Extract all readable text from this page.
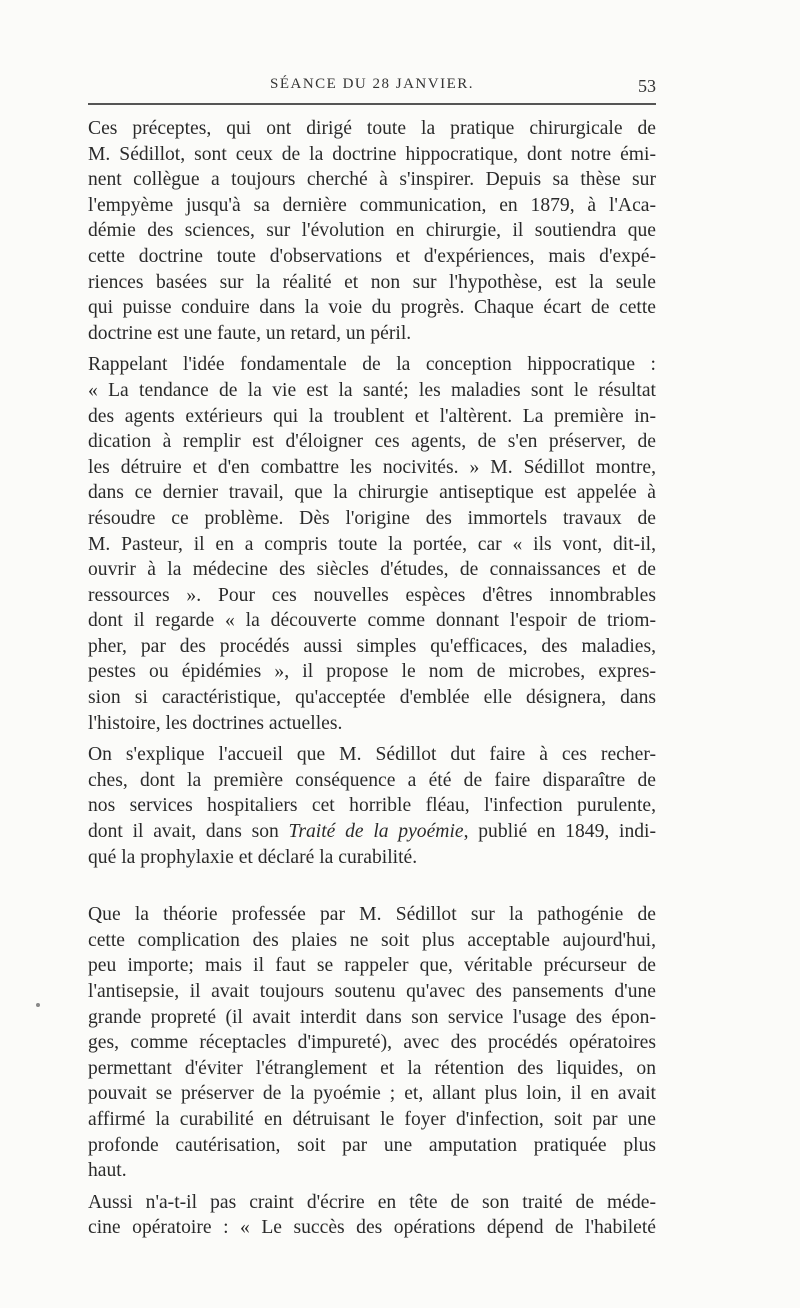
SÉANCE DU 28 JANVIER.	53
Ces préceptes, qui ont dirigé toute la pratique chirurgicale de
M. Sédillot, sont ceux de la doctrine hippocratique, dont notre émi-
nent collègue a toujours cherché à s'inspirer. Depuis sa thèse sur
l'empyème jusqu'à sa dernière communication, en 1879, à l'Aca-
démie des sciences, sur l'évolution en chirurgie, il soutiendra que
cette doctrine toute d'observations et d'expériences, mais d'expé-
riences basées sur la réalité et non sur l'hypothèse, est la seule
qui puisse conduire dans la voie du progrès. Chaque écart de cette
doctrine est une faute, un retard, un péril.
Rappelant l'idée fondamentale de la conception hippocratique :
« La tendance de la vie est la santé; les maladies sont le résultat
des agents extérieurs qui la troublent et l'altèrent. La première in-
dication à remplir est d'éloigner ces agents, de s'en préserver, de
les détruire et d'en combattre les nocivités. » M. Sédillot montre,
dans ce dernier travail, que la chirurgie antiseptique est appelée à
résoudre ce problème. Dès l'origine des immortels travaux de
M. Pasteur, il en a compris toute la portée, car « ils vont, dit-il,
ouvrir à la médecine des siècles d'études, de connaissances et de
ressources ». Pour ces nouvelles espèces d'êtres innombrables
dont il regarde « la découverte comme donnant l'espoir de triom-
pher, par des procédés aussi simples qu'efficaces, des maladies,
pestes ou épidémies », il propose le nom de microbes, expres-
sion si caractéristique, qu'acceptée d'emblée elle désignera, dans
l'histoire, les doctrines actuelles.
On s'explique l'accueil que M. Sédillot dut faire à ces recher-
ches, dont la première conséquence a été de faire disparaître de
nos services hospitaliers cet horrible fléau, l'infection purulente,
dont il avait, dans son Traité de la pyoémie, publié en 1849, indi-
qué la prophylaxie et déclaré la curabilité.
Que la théorie professée par M. Sédillot sur la pathogénie de
cette complication des plaies ne soit plus acceptable aujourd'hui,
peu importe; mais il faut se rappeler que, véritable précurseur de
l'antisepsie, il avait toujours soutenu qu'avec des pansements d'une
grande propreté (il avait interdit dans son service l'usage des épon-
ges, comme réceptacles d'impureté), avec des procédés opératoires
permettant d'éviter l'étranglement et la rétention des liquides, on
pouvait se préserver de la pyoémie ; et, allant plus loin, il en avait
affirmé la curabilité en détruisant le foyer d'infection, soit par une
profonde cautérisation, soit par une amputation pratiquée plus
haut.
Aussi n'a-t-il pas craint d'écrire en tête de son traité de méde-
cine opératoire : « Le succès des opérations dépend de l'habileté
